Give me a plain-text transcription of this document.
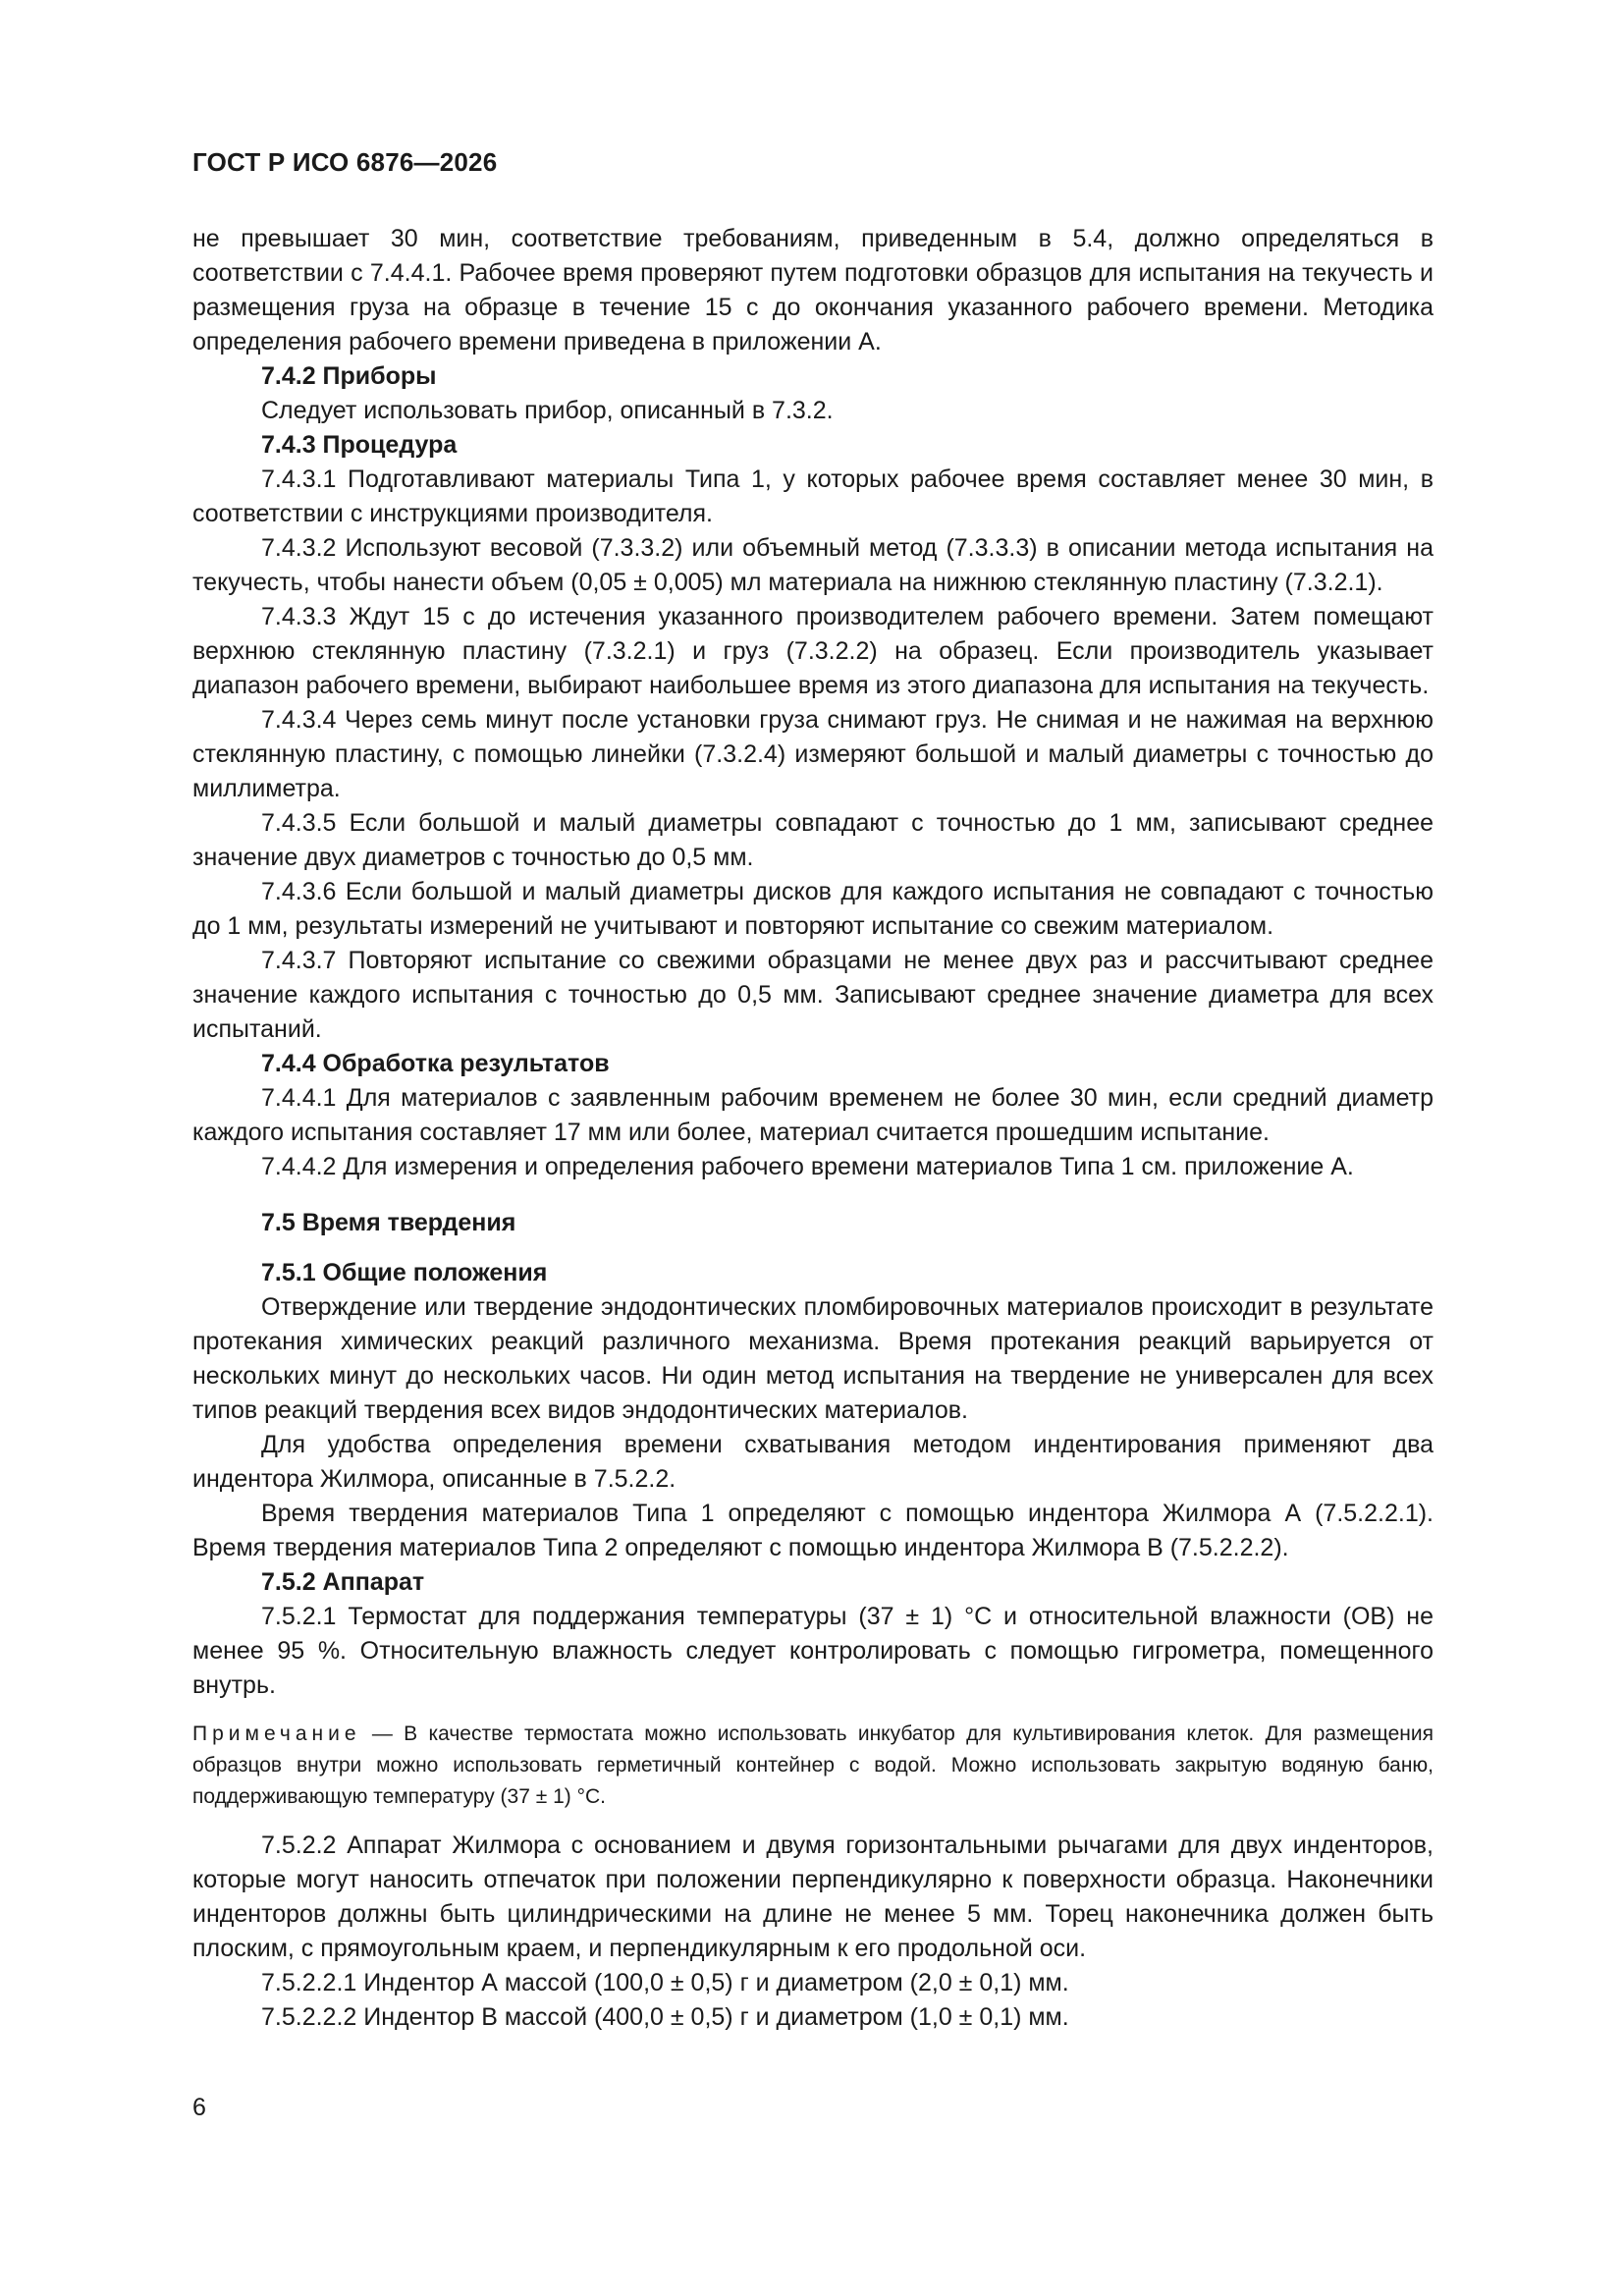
ГОСТ Р ИСО 6876—2026

не превышает 30 мин, соответствие требованиям, приведенным в 5.4, должно определяться в соответствии с 7.4.4.1. Рабочее время проверяют путем подготовки образцов для испытания на текучесть и размещения груза на образце в течение 15 с до окончания указанного рабочего времени. Методика определения рабочего времени приведена в приложении А.

7.4.2 Приборы

Следует использовать прибор, описанный в 7.3.2.

7.4.3 Процедура

7.4.3.1 Подготавливают материалы Типа 1, у которых рабочее время составляет менее 30 мин, в соответствии с инструкциями производителя.

7.4.3.2 Используют весовой (7.3.3.2) или объемный метод (7.3.3.3) в описании метода испытания на текучесть, чтобы нанести объем (0,05 ± 0,005) мл материала на нижнюю стеклянную пластину (7.3.2.1).

7.4.3.3 Ждут 15 с до истечения указанного производителем рабочего времени. Затем помещают верхнюю стеклянную пластину (7.3.2.1) и груз (7.3.2.2) на образец. Если производитель указывает диапазон рабочего времени, выбирают наибольшее время из этого диапазона для испытания на текучесть.

7.4.3.4 Через семь минут после установки груза снимают груз. Не снимая и не нажимая на верхнюю стеклянную пластину, с помощью линейки (7.3.2.4) измеряют большой и малый диаметры с точностью до миллиметра.

7.4.3.5 Если большой и малый диаметры совпадают с точностью до 1 мм, записывают среднее значение двух диаметров с точностью до 0,5 мм.

7.4.3.6 Если большой и малый диаметры дисков для каждого испытания не совпадают с точностью до 1 мм, результаты измерений не учитывают и повторяют испытание со свежим материалом.

7.4.3.7 Повторяют испытание со свежими образцами не менее двух раз и рассчитывают среднее значение каждого испытания с точностью до 0,5 мм. Записывают среднее значение диаметра для всех испытаний.

7.4.4 Обработка результатов

7.4.4.1 Для материалов с заявленным рабочим временем не более 30 мин, если средний диаметр каждого испытания составляет 17 мм или более, материал считается прошедшим испытание.

7.4.4.2 Для измерения и определения рабочего времени материалов Типа 1 см. приложение А.

7.5 Время твердения

7.5.1 Общие положения

Отверждение или твердение эндодонтических пломбировочных материалов происходит в результате протекания химических реакций различного механизма. Время протекания реакций варьируется от нескольких минут до нескольких часов. Ни один метод испытания на твердение не универсален для всех типов реакций твердения всех видов эндодонтических материалов.

Для удобства определения времени схватывания методом индентирования применяют два индентора Жилмора, описанные в 7.5.2.2.

Время твердения материалов Типа 1 определяют с помощью индентора Жилмора А (7.5.2.2.1). Время твердения материалов Типа 2 определяют с помощью индентора Жилмора В (7.5.2.2.2).

7.5.2 Аппарат

7.5.2.1 Термостат для поддержания температуры (37 ± 1) °С и относительной влажности (ОВ) не менее 95 %. Относительную влажность следует контролировать с помощью гигрометра, помещенного внутрь.

Примечание — В качестве термостата можно использовать инкубатор для культивирования клеток. Для размещения образцов внутри можно использовать герметичный контейнер с водой. Можно использовать закрытую водяную баню, поддерживающую температуру (37 ± 1) °С.

7.5.2.2 Аппарат Жилмора с основанием и двумя горизонтальными рычагами для двух инденторов, которые могут наносить отпечаток при положении перпендикулярно к поверхности образца. Наконечники инденторов должны быть цилиндрическими на длине не менее 5 мм. Торец наконечника должен быть плоским, с прямоугольным краем, и перпендикулярным к его продольной оси.

7.5.2.2.1 Индентор А массой (100,0 ± 0,5) г и диаметром (2,0 ± 0,1) мм.

7.5.2.2.2 Индентор В массой (400,0 ± 0,5) г и диаметром (1,0 ± 0,1) мм.

6
